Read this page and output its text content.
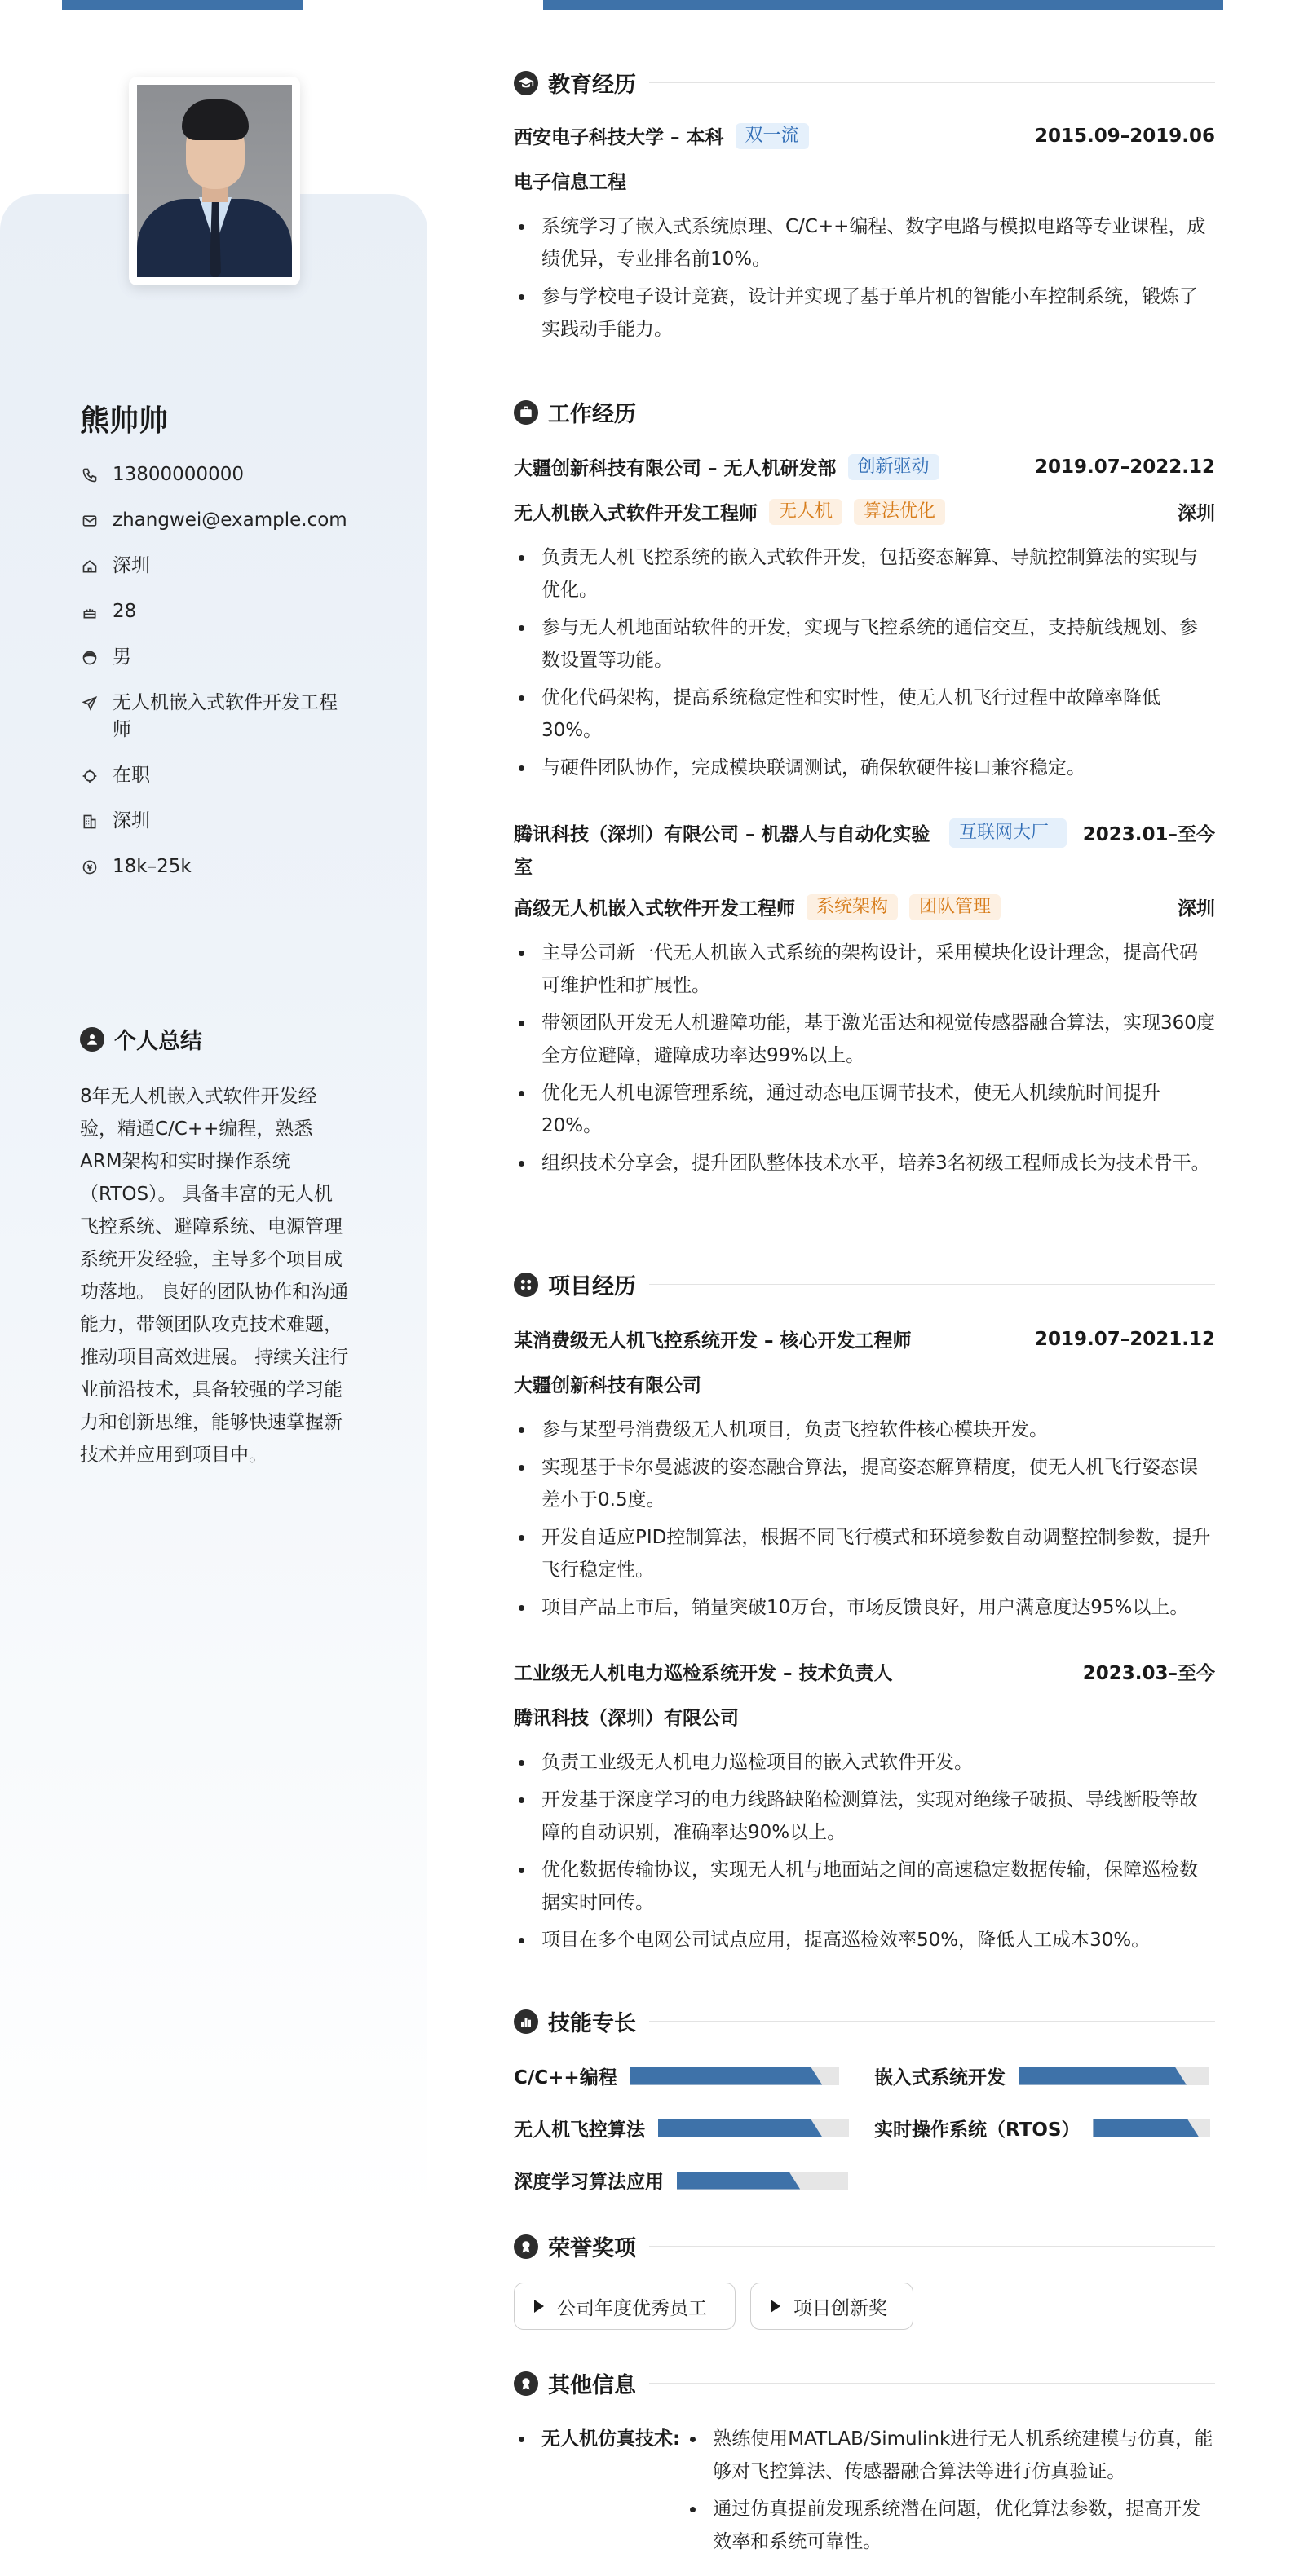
熊帅帅
13800000000
zhangwei@example.com
深圳
28
男
无人机嵌入式软件开发工程师
在职
深圳
18k–25k
个人总结
8年无人机嵌入式软件开发经验，精通C/C++编程，熟悉ARM架构和实时操作系统（RTOS）。 具备丰富的无人机飞控系统、避障系统、电源管理系统开发经验，主导多个项目成功落地。 良好的团队协作和沟通能力，带领团队攻克技术难题，推动项目高效进展。 持续关注行业前沿技术，具备较强的学习能力和创新思维，能够快速掌握新技术并应用到项目中。
教育经历
西安电子科技大学 – 本科	双一流	2015.09–2019.06
电子信息工程
系统学习了嵌入式系统原理、C/C++编程、数字电路与模拟电路等专业课程，成绩优异，专业排名前10%。
参与学校电子设计竞赛，设计并实现了基于单片机的智能小车控制系统，锻炼了实践动手能力。
工作经历
大疆创新科技有限公司 – 无人机研发部	创新驱动	2019.07–2022.12
无人机嵌入式软件开发工程师	无人机	算法优化	深圳
负责无人机飞控系统的嵌入式软件开发，包括姿态解算、导航控制算法的实现与优化。
参与无人机地面站软件的开发，实现与飞控系统的通信交互，支持航线规划、参数设置等功能。
优化代码架构，提高系统稳定性和实时性，使无人机飞行过程中故障率降低30%。
与硬件团队协作，完成模块联调测试，确保软硬件接口兼容稳定。
腾讯科技（深圳）有限公司 – 机器人与自动化实验室
互联网大厂	2023.01–至今
高级无人机嵌入式软件开发工程师	系统架构	团队管理	深圳
主导公司新一代无人机嵌入式系统的架构设计，采用模块化设计理念，提高代码可维护性和扩展性。
带领团队开发无人机避障功能，基于激光雷达和视觉传感器融合算法，实现360度全方位避障，避障成功率达99%以上。
优化无人机电源管理系统，通过动态电压调节技术，使无人机续航时间提升20%。
组织技术分享会，提升团队整体技术水平，培养3名初级工程师成长为技术骨干。
项目经历
某消费级无人机飞控系统开发 – 核心开发工程师	2019.07–2021.12
大疆创新科技有限公司
参与某型号消费级无人机项目，负责飞控软件核心模块开发。
实现基于卡尔曼滤波的姿态融合算法，提高姿态解算精度，使无人机飞行姿态误差小于0.5度。
开发自适应PID控制算法，根据不同飞行模式和环境参数自动调整控制参数，提升飞行稳定性。
项目产品上市后，销量突破10万台，市场反馈良好，用户满意度达95%以上。
工业级无人机电力巡检系统开发 – 技术负责人	2023.03–至今
腾讯科技（深圳）有限公司
负责工业级无人机电力巡检项目的嵌入式软件开发。
开发基于深度学习的电力线路缺陷检测算法，实现对绝缘子破损、导线断股等故障的自动识别，准确率达90%以上。
优化数据传输协议，实现无人机与地面站之间的高速稳定数据传输，保障巡检数据实时回传。
项目在多个电网公司试点应用，提高巡检效率50%，降低人工成本30%。
技能专长
C/C++编程	嵌入式系统开发
无人机飞控算法	实时操作系统（RTOS）
深度学习算法应用
荣誉奖项
公司年度优秀员工	项目创新奖
其他信息
无人机仿真技术:	熟练使用MATLAB/Simulink进行无人机系统建模与仿真，能够对飞控算法、传感器融合算法等进行仿真验证。
通过仿真提前发现系统潜在问题，优化算法参数，提高开发效率和系统可靠性。
